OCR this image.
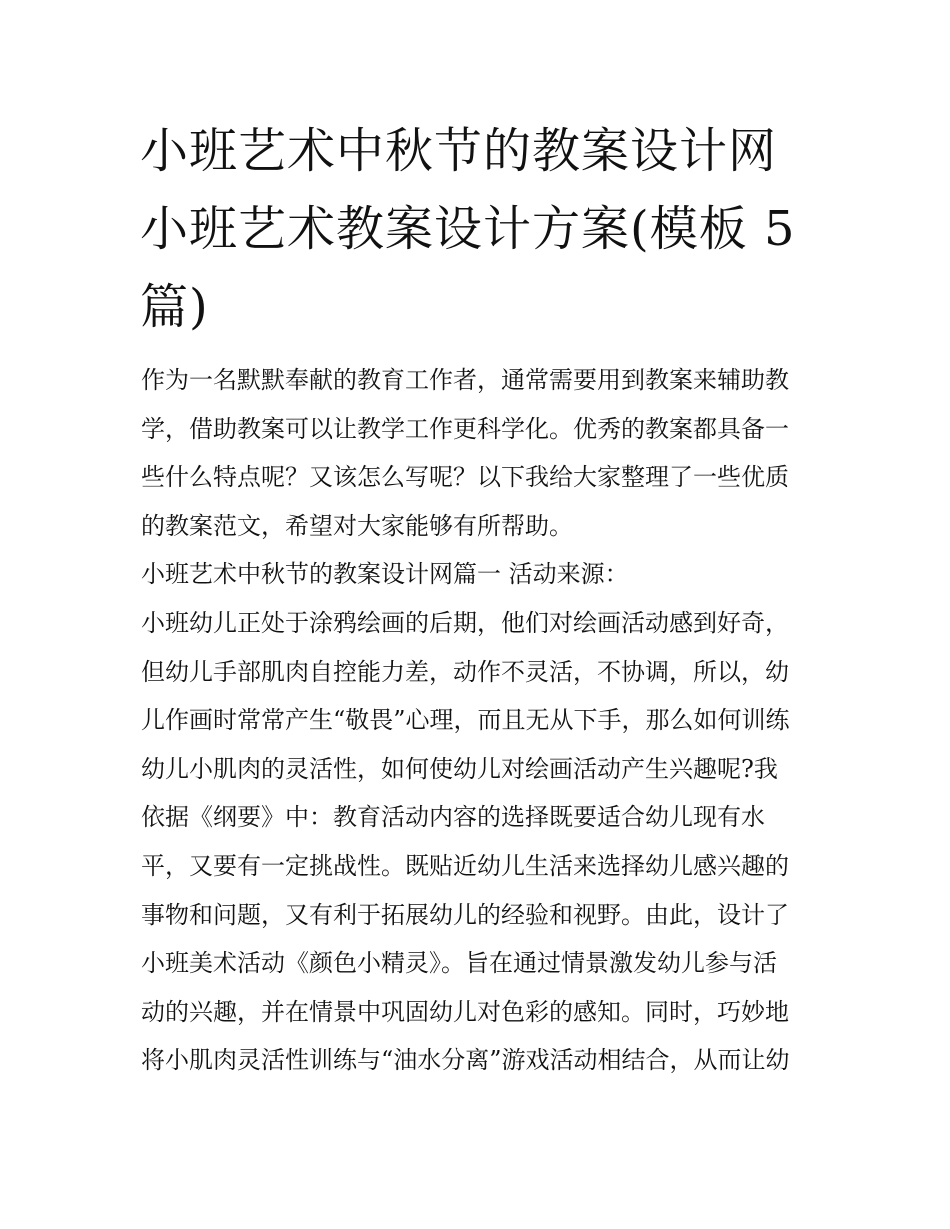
小班艺术中秋节的教案设计网
小班艺术教案设计方案(模板 5
篇)

作为一名默默奉献的教育工作者，通常需要用到教案来辅助教
学，借助教案可以让教学工作更科学化。优秀的教案都具备一
些什么特点呢？又该怎么写呢？以下我给大家整理了一些优质
的教案范文，希望对大家能够有所帮助。

小班艺术中秋节的教案设计网篇一 活动来源：

小班幼儿正处于涂鸦绘画的后期，他们对绘画活动感到好奇，
但幼儿手部肌肉自控能力差，动作不灵活，不协调，所以，幼
儿作画时常常产生“敬畏”心理，而且无从下手，那么如何训练
幼儿小肌肉的灵活性，如何使幼儿对绘画活动产生兴趣呢?我
依据《纲要》中：教育活动内容的选择既要适合幼儿现有水
平，又要有一定挑战性。既贴近幼儿生活来选择幼儿感兴趣的
事物和问题，又有利于拓展幼儿的经验和视野。由此，设计了
小班美术活动《颜色小精灵》。旨在通过情景激发幼儿参与活
动的兴趣，并在情景中巩固幼儿对色彩的感知。同时，巧妙地
将小肌肉灵活性训练与“油水分离”游戏活动相结合，从而让幼
